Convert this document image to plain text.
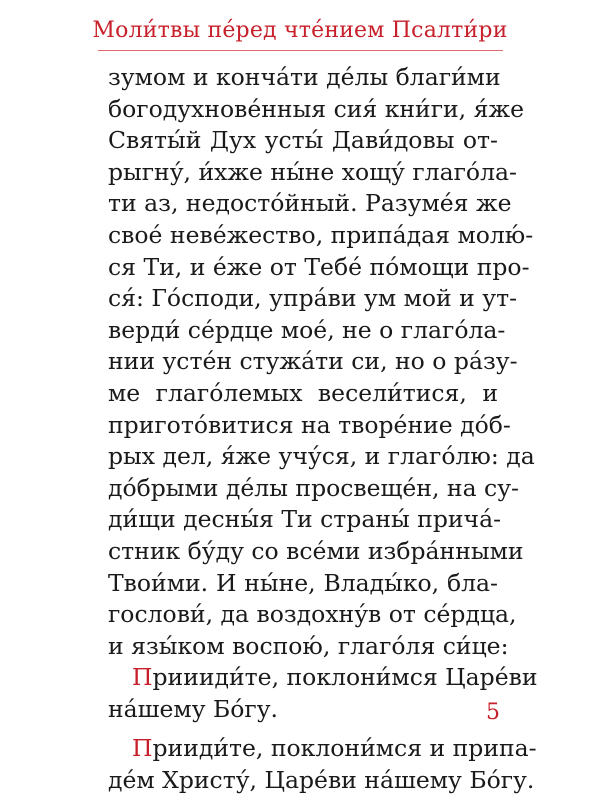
Моли́твы пе́ред чте́нием Псалти́ри
зумом и конча́ти де́лы благи́ми
богодухнове́нныя сия́ кни́ги, я́же
Святы́й Дух усты́ Дави́довы от-
рыгну́, и́хже ны́не хощу́ глаго́ла-
ти аз, недосто́йный. Разуме́я же
свое́ неве́жество, припа́дая молю́-
ся Ти, и е́же от Тебе́ по́мощи про-
ся́: Го́споди, упра́ви ум мой и ут-
верди́ се́рдце мое́, не о глаго́ла-
нии усте́н стужа́ти си, но о ра́зу-
ме глаго́лемых весели́тися, и
пригото́витися на творе́ние до́б-
рых дел, я́же учу́ся, и глаго́лю: да
до́брыми де́лы просвеще́н, на су-
ди́щи десны́я Ти страны́ прича́-
стник бу́ду со все́ми избра́нными
Твои́ми. И ны́не, Влады́ко, бла-
гослови́, да воздохну́в от се́рдца,
и язы́ком воспою́, глаго́ля си́це:
Приииди́те, поклони́мся Царе́ви
на́шему Бо́гу.
Прииди́те, поклони́мся и припа-
де́м Христу́, Царе́ви на́шему Бо́гу.
5
